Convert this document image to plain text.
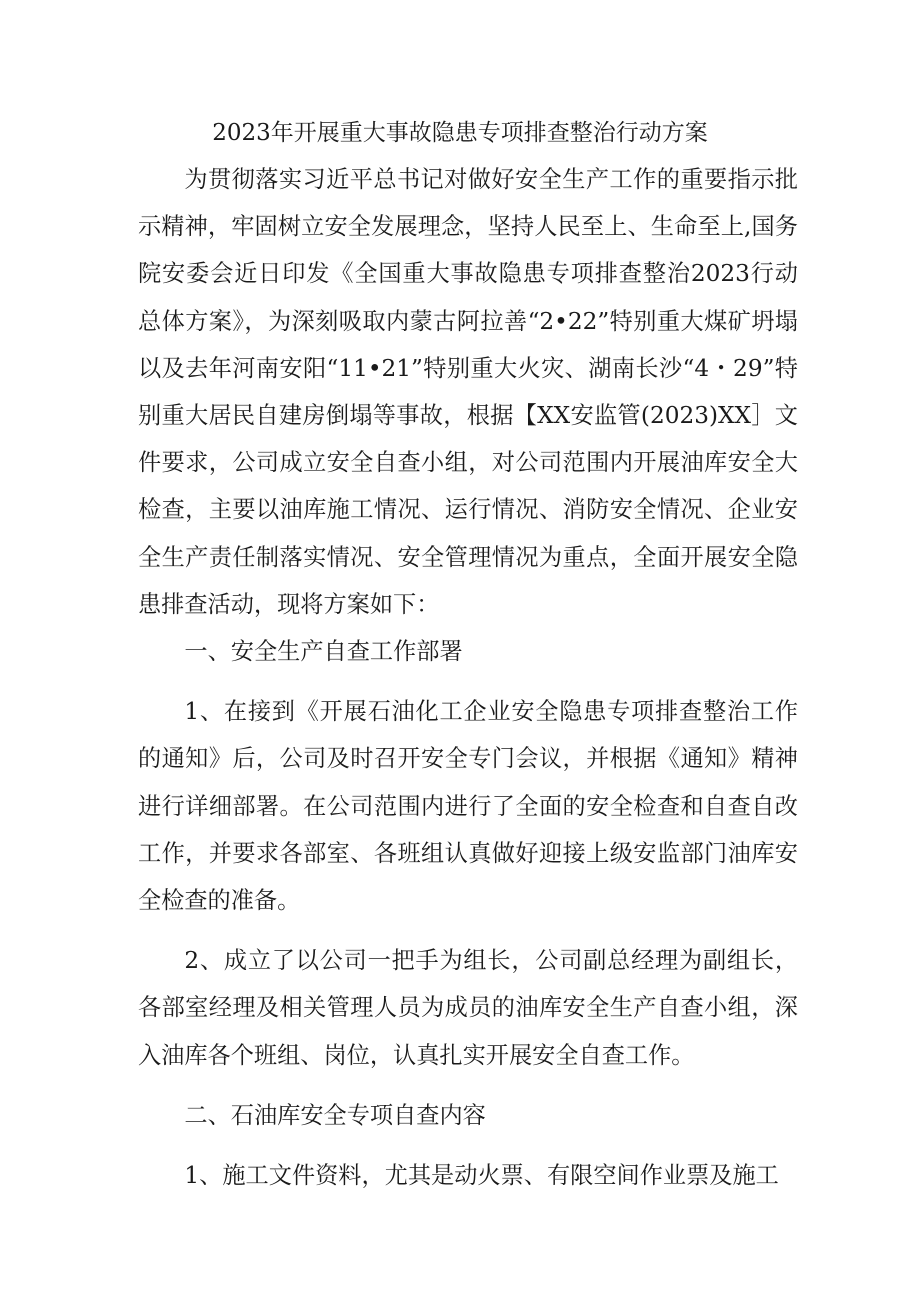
2023年开展重大事故隐患专项排查整治行动方案

为贯彻落实习近平总书记对做好安全生产工作的重要指示批示精神，牢固树立安全发展理念，坚持人民至上、生命至上,国务院安委会近日印发《全国重大事故隐患专项排查整治2023行动总体方案》，为深刻吸取内蒙古阿拉善“2•22”特别重大煤矿坍塌以及去年河南安阳“11•21”特别重大火灾、湖南长沙“4・29”特别重大居民自建房倒塌等事故，根据【XX安监管(2023)XX］文件要求，公司成立安全自查小组，对公司范围内开展油库安全大检查，主要以油库施工情况、运行情况、消防安全情况、企业安全生产责任制落实情况、安全管理情况为重点，全面开展安全隐患排查活动，现将方案如下：

一、安全生产自查工作部署

1、在接到《开展石油化工企业安全隐患专项排查整治工作的通知》后，公司及时召开安全专门会议，并根据《通知》精神进行详细部署。在公司范围内进行了全面的安全检查和自查自改工作，并要求各部室、各班组认真做好迎接上级安监部门油库安全检查的准备。

2、成立了以公司一把手为组长，公司副总经理为副组长，各部室经理及相关管理人员为成员的油库安全生产自查小组，深入油库各个班组、岗位，认真扎实开展安全自查工作。

二、石油库安全专项自查内容

1、施工文件资料，尤其是动火票、有限空间作业票及施工
